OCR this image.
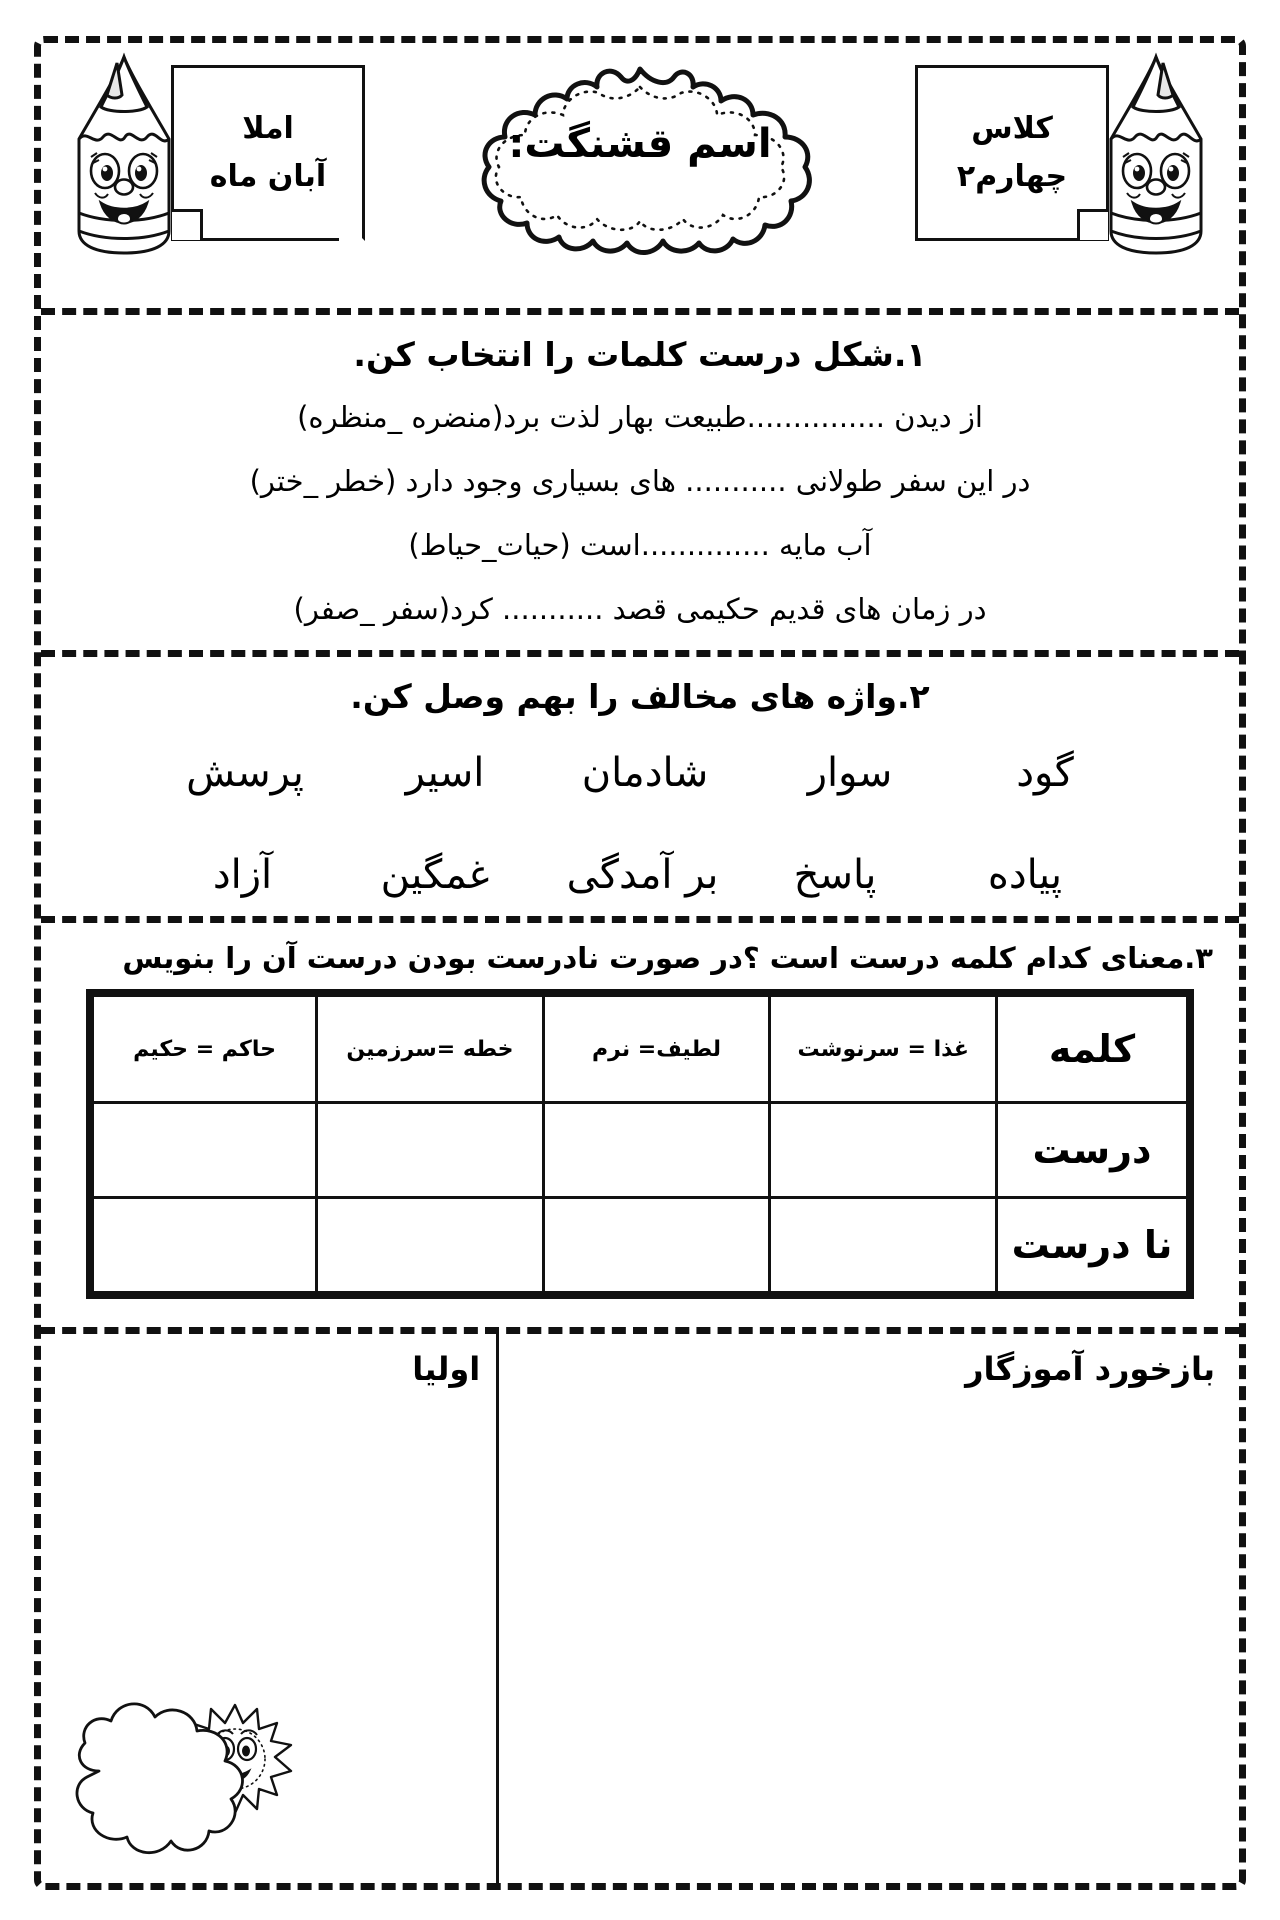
املا
آبان ماه
اسم قشنگت:	کلاس
چهارم۲
۱.شکل درست کلمات را انتخاب کن.
از دیدن ...............طبیعت بهار لذت برد(منضره _منظره)
در این سفر طولانی ........... های بسیاری وجود دارد (خطر _ختر)
آب مایه ..............است (حیات_حیاط)
در زمان های قدیم حکیمی قصد ........... کرد(سفر _صفر)
۲.واژه های مخالف را بهم وصل کن.
گود
سوار
شادمان
اسیر
پرسش
پیاده
پاسخ
بر آمدگی
غمگین
آزاد
۳.معنای کدام کلمه درست است ؟در صورت نادرست بودن درست آن را بنویس
کلمه	غذا = سرنوشت	لطیف= نرم	خطه =سرزمین	حاکم = حکیم
درست				
نا درست				
بازخورد آموزگار
اولیا
